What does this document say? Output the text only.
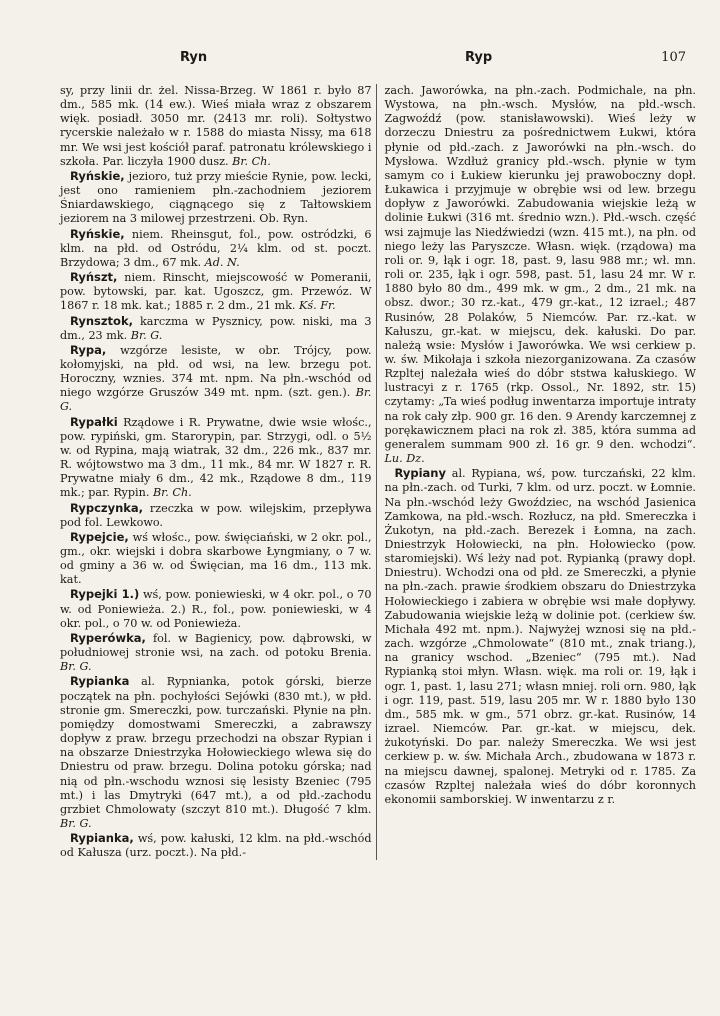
Ryn	Ryp	107

sy, przy linii dr. żel. Nissa-Brzeg. W 1861 r. było 87 dm., 585 mk. (14 ew.). Wieś miała wraz z obszarem więk. posiadł. 3050 mr. (2413 mr. roli). Sołtystwo rycerskie należało w r. 1588 do miasta Nissy, ma 618 mr. We wsi jest kościół paraf. patronatu królewskiego i szkoła. Par. liczyła 1900 dusz. Br. Ch.

Ryńskie, jezioro, tuż przy mieście Rynie, pow. lecki, jest ono ramieniem płn.-zachodniem jeziorem Śniardawskiego, ciągnącego się z Tałtowskiem jeziorem na 3 milowej przestrzeni. Ob. Ryn.

Ryńskie, niem. Rheinsgut, fol., pow. ostródzki, 6 klm. na płd. od Ostródu, 2¼ klm. od st. poczt. Brzydowa; 3 dm., 67 mk. Ad. N.

Ryńszt, niem. Rinscht, miejscowość w Pomeranii, pow. bytowski, par. kat. Ugoszcz, gm. Przewóz. W 1867 r. 18 mk. kat.; 1885 r. 2 dm., 21 mk. Kś. Fr.

Rynsztok, karczma w Pysznicy, pow. niski, ma 3 dm., 23 mk. Br. G.

Rypa, wzgórze lesiste, w obr. Trójcy, pow. kołomyjski, na płd. od wsi, na lew. brzegu pot. Horoczny, wznies. 374 mt. npm. Na płn.-wschód od niego wzgórze Gruszów 349 mt. npm. (szt. gen.). Br. G.

Rypałki Rządowe i R. Prywatne, dwie wsie włośc., pow. rypiński, gm. Starorypin, par. Strzygi, odl. o 5½ w. od Rypina, mają wiatrak, 32 dm., 226 mk., 837 mr. R. wójtowstwo ma 3 dm., 11 mk., 84 mr. W 1827 r. R. Prywatne miały 6 dm., 42 mk., Rządowe 8 dm., 119 mk.; par. Rypin. Br. Ch.

Rypczynka, rzeczka w pow. wilejskim, przepływa pod fol. Lewkowo.

Rypejcie, wś włośc., pow. święciański, w 2 okr. pol., gm., okr. wiejski i dobra skarbowe Łyngmiany, o 7 w. od gminy a 36 w. od Święcian, ma 16 dm., 113 mk. kat.

Rypejki 1.) wś, pow. poniewieski, w 4 okr. pol., o 70 w. od Poniewieża. 2.) R., fol., pow. poniewieski, w 4 okr. pol., o 70 w. od Poniewieża.

Ryperówka, fol. w Bagienicy, pow. dąbrowski, w południowej stronie wsi, na zach. od potoku Brenia. Br. G.

Rypianka al. Rypnianka, potok górski, bierze początek na płn. pochyłości Sejówki (830 mt.), w płd. stronie gm. Smereczki, pow. turczański. Płynie na płn. pomiędzy domostwami Smereczki, a zabrawszy dopływ z praw. brzegu przechodzi na obszar Rypian i na obszarze Dniestrzyka Hołowieckiego wlewa się do Dniestru od praw. brzegu. Dolina potoku górska; nad nią od płn.-wschodu wznosi się lesisty Bzeniec (795 mt.) i las Dmytryki (647 mt.), a od płd.-zachodu grzbiet Chmolowaty (szczyt 810 mt.). Długość 7 klm. Br. G.

Rypianka, wś, pow. kałuski, 12 klm. na płd.-wschód od Kałusza (urz. poczt.). Na płd.-

zach. Jaworówka, na płn.-zach. Podmichale, na płn. Wystowa, na płn.-wsch. Mysłów, na płd.-wsch. Zagwoźdź (pow. stanisławowski). Wieś leży w dorzeczu Dniestru za pośrednictwem Łukwi, która płynie od płd.-zach. z Jaworówki na płn.-wsch. do Mysłowa. Wzdłuż granicy płd.-wsch. płynie w tym samym co i Łukiew kierunku jej prawoboczny dopł. Łukawica i przyjmuje w obrębie wsi od lew. brzegu dopływ z Jaworówki. Zabudowania wiejskie leżą w dolinie Łukwi (316 mt. średnio wzn.). Płd.-wsch. część wsi zajmuje las Niedźwiedzi (wzn. 415 mt.), na płn. od niego leży las Paryszcze. Własn. więk. (rządowa) ma roli or. 9, łąk i ogr. 18, past. 9, lasu 988 mr.; wł. mn. roli or. 235, łąk i ogr. 598, past. 51, lasu 24 mr. W r. 1880 było 80 dm., 499 mk. w gm., 2 dm., 21 mk. na obsz. dwor.; 30 rz.-kat., 479 gr.-kat., 12 izrael.; 487 Rusinów, 28 Polaków, 5 Niemców. Par. rz.-kat. w Kałuszu, gr.-kat. w miejscu, dek. kałuski. Do par. należą wsie: Mysłów i Jaworówka. We wsi cerkiew p. w. św. Mikołaja i szkoła niezorganizowana. Za czasów Rzpltej należała wieś do dóbr ststwa kałuskiego. W lustracyi z r. 1765 (rkp. Ossol., Nr. 1892, str. 15) czytamy: „Ta wieś podług inwentarza importuje intraty na rok cały złp. 900 gr. 16 den. 9 Arendy karczemnej z porękawicznem płaci na rok zł. 385, która summa ad generalem summam 900 zł. 16 gr. 9 den. wchodzi“. Lu. Dz.

Rypiany al. Rypiana, wś, pow. turczański, 22 klm. na płn.-zach. od Turki, 7 klm. od urz. poczt. w Łomnie. Na płn.-wschód leży Gwoździec, na wschód Jasienica Zamkowa, na płd.-wsch. Rozłucz, na płd. Smereczka i Żukotyn, na płd.-zach. Berezek i Łomna, na zach. Dniestrzyk Hołowiecki, na płn. Hołowiecko (pow. staromiejski). Wś leży nad pot. Rypianką (prawy dopł. Dniestru). Wchodzi ona od płd. ze Smereczki, a płynie na płn.-zach. prawie środkiem obszaru do Dniestrzyka Hołowieckiego i zabiera w obrębie wsi małe dopływy. Zabudowania wiejskie leżą w dolinie pot. (cerkiew św. Michała 492 mt. npm.). Najwyżej wznosi się na płd.-zach. wzgórze „Chmolowate“ (810 mt., znak triang.), na granicy wschod. „Bzeniec“ (795 mt.). Nad Rypianką stoi młyn. Własn. więk. ma roli or. 19, łąk i ogr. 1, past. 1, lasu 271; własn mniej. roli orn. 980, łąk i ogr. 119, past. 519, lasu 205 mr. W r. 1880 było 130 dm., 585 mk. w gm., 571 obrz. gr.-kat. Rusinów, 14 izrael. Niemców. Par. gr.-kat. w miejscu, dek. żukotyński. Do par. należy Smereczka. We wsi jest cerkiew p. w. św. Michała Arch., zbudowana w 1873 r. na miejscu dawnej, spalonej. Metryki od r. 1785. Za czasów Rzpltej należała wieś do dóbr koronnych ekonomii samborskiej. W inwentarzu z r.
